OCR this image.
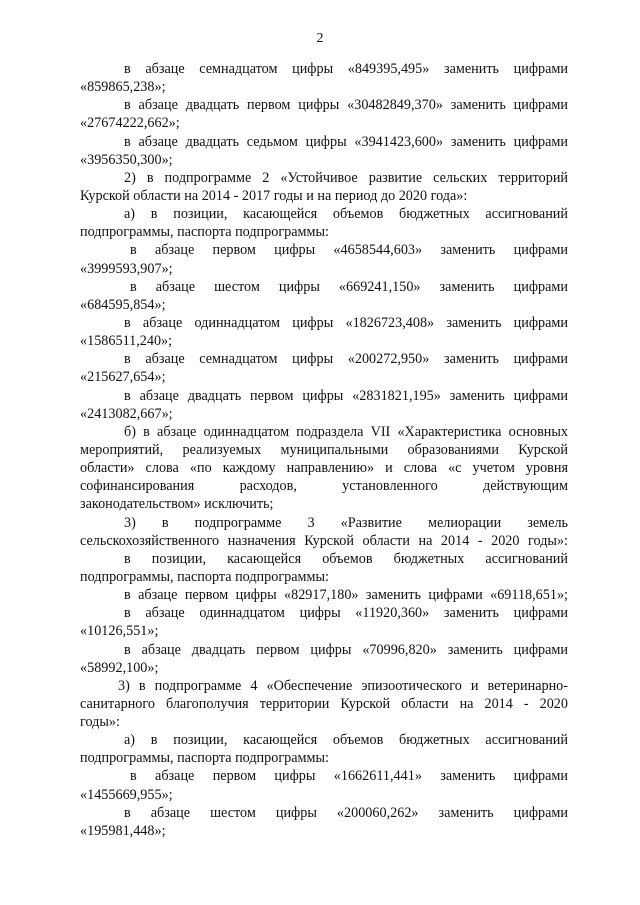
2
в абзаце семнадцатом цифры «849395,495» заменить цифрами
«859865,238»;
в абзаце двадцать первом цифры «30482849,370» заменить цифрами
«27674222,662»;
в абзаце двадцать седьмом цифры «3941423,600» заменить цифрами
«3956350,300»;
2) в подпрограмме 2 «Устойчивое развитие сельских территорий
Курской области на 2014 - 2017 годы и на период до 2020 года»:
а) в позиции, касающейся объемов бюджетных ассигнований
подпрограммы, паспорта подпрограммы:
в абзаце первом цифры «4658544,603» заменить цифрами
«3999593,907»;
в абзаце шестом цифры «669241,150» заменить цифрами
«684595,854»;
в абзаце одиннадцатом цифры «1826723,408» заменить цифрами
«1586511,240»;
в абзаце семнадцатом цифры «200272,950» заменить цифрами
«215627,654»;
в абзаце двадцать первом цифры «2831821,195» заменить цифрами
«2413082,667»;
б) в абзаце одиннадцатом подраздела VII «Характеристика основных
мероприятий, реализуемых муниципальными образованиями Курской
области» слова «по каждому направлению» и слова «с учетом уровня
софинансирования расходов, установленного действующим
законодательством» исключить;
3) в подпрограмме 3 «Развитие мелиорации земель
сельскохозяйственного назначения Курской области на 2014 - 2020 годы»:
в позиции, касающейся объемов бюджетных ассигнований
подпрограммы, паспорта подпрограммы:
в абзаце первом цифры «82917,180» заменить цифрами «69118,651»;
в абзаце одиннадцатом цифры «11920,360» заменить цифрами
«10126,551»;
в абзаце двадцать первом цифры «70996,820» заменить цифрами
«58992,100»;
3) в подпрограмме 4 «Обеспечение эпизоотического и ветеринарно-
санитарного благополучия территории Курской области на 2014 - 2020
годы»:
а) в позиции, касающейся объемов бюджетных ассигнований
подпрограммы, паспорта подпрограммы:
в абзаце первом цифры «1662611,441» заменить цифрами
«1455669,955»;
в абзаце шестом цифры «200060,262» заменить цифрами
«195981,448»;
